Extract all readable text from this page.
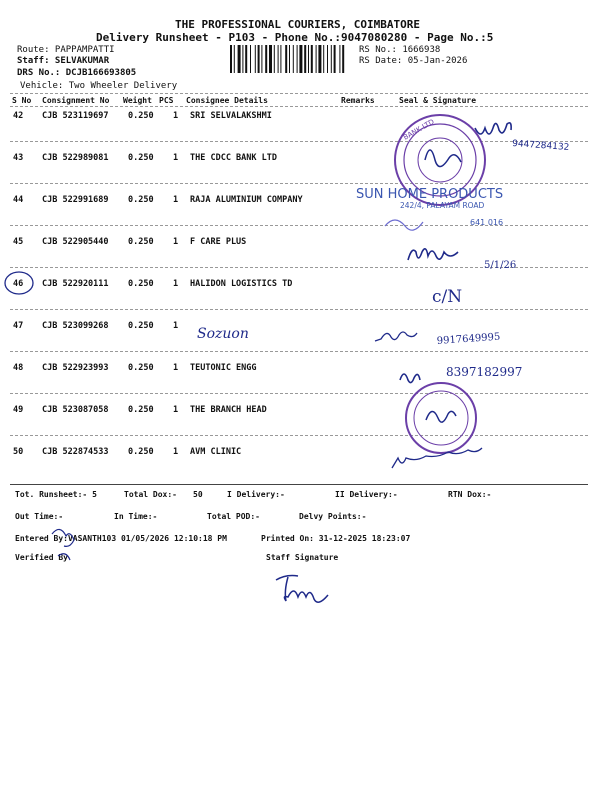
THE PROFESSIONAL COURIERS, COIMBATORE
Delivery Runsheet - P103 - Phone No.:9047080280 - Page No.:5
Route: PAPPAMPATTI
Staff: SELVAKUMAR
DRS No.: DCJB166693805
Vehicle: Two Wheeler Delivery
RS No.: 1666938
RS Date: 05-Jan-2026
S No Consignment No Weight PCS Consignee Details	Remarks	Seal & Signature
42 CJB 523119697 0.250 1 SRI SELVALAKSHMI
43 CJB 522989081 0.250 1 THE CDCC BANK LTD
44 CJB 522991689 0.250 1 RAJA ALUMINIUM COMPANY
45 CJB 522905440 0.250 1 F CARE PLUS
46 CJB 522920111 0.250 1 HALIDON LOGISTICS TD
47 CJB 523099268 0.250 1
48 CJB 522923993 0.250 1 TEUTONIC ENGG
49 CJB 523087058 0.250 1 THE BRANCH HEAD
50 CJB 522874533 0.250 1 AVM CLINIC
Tot. Runsheet:- 5	Total Dox:- 50	I Delivery:-	II Delivery:-	RTN Dox:-
Out Time:-	In Time:-	Total POD:-	Delvy Points:-
Entered By:VASANTH103 01/05/2026 12:10:18 PM	Printed On: 31-12-2025 18:23:07
Verified By	Staff Signature
BANK LTD
9447284132
SUN HOME PRODUCTS
242/4, PALAYAM ROAD
641 016
5/1/26
c/N
Sozuon	9917649995
8397182997
